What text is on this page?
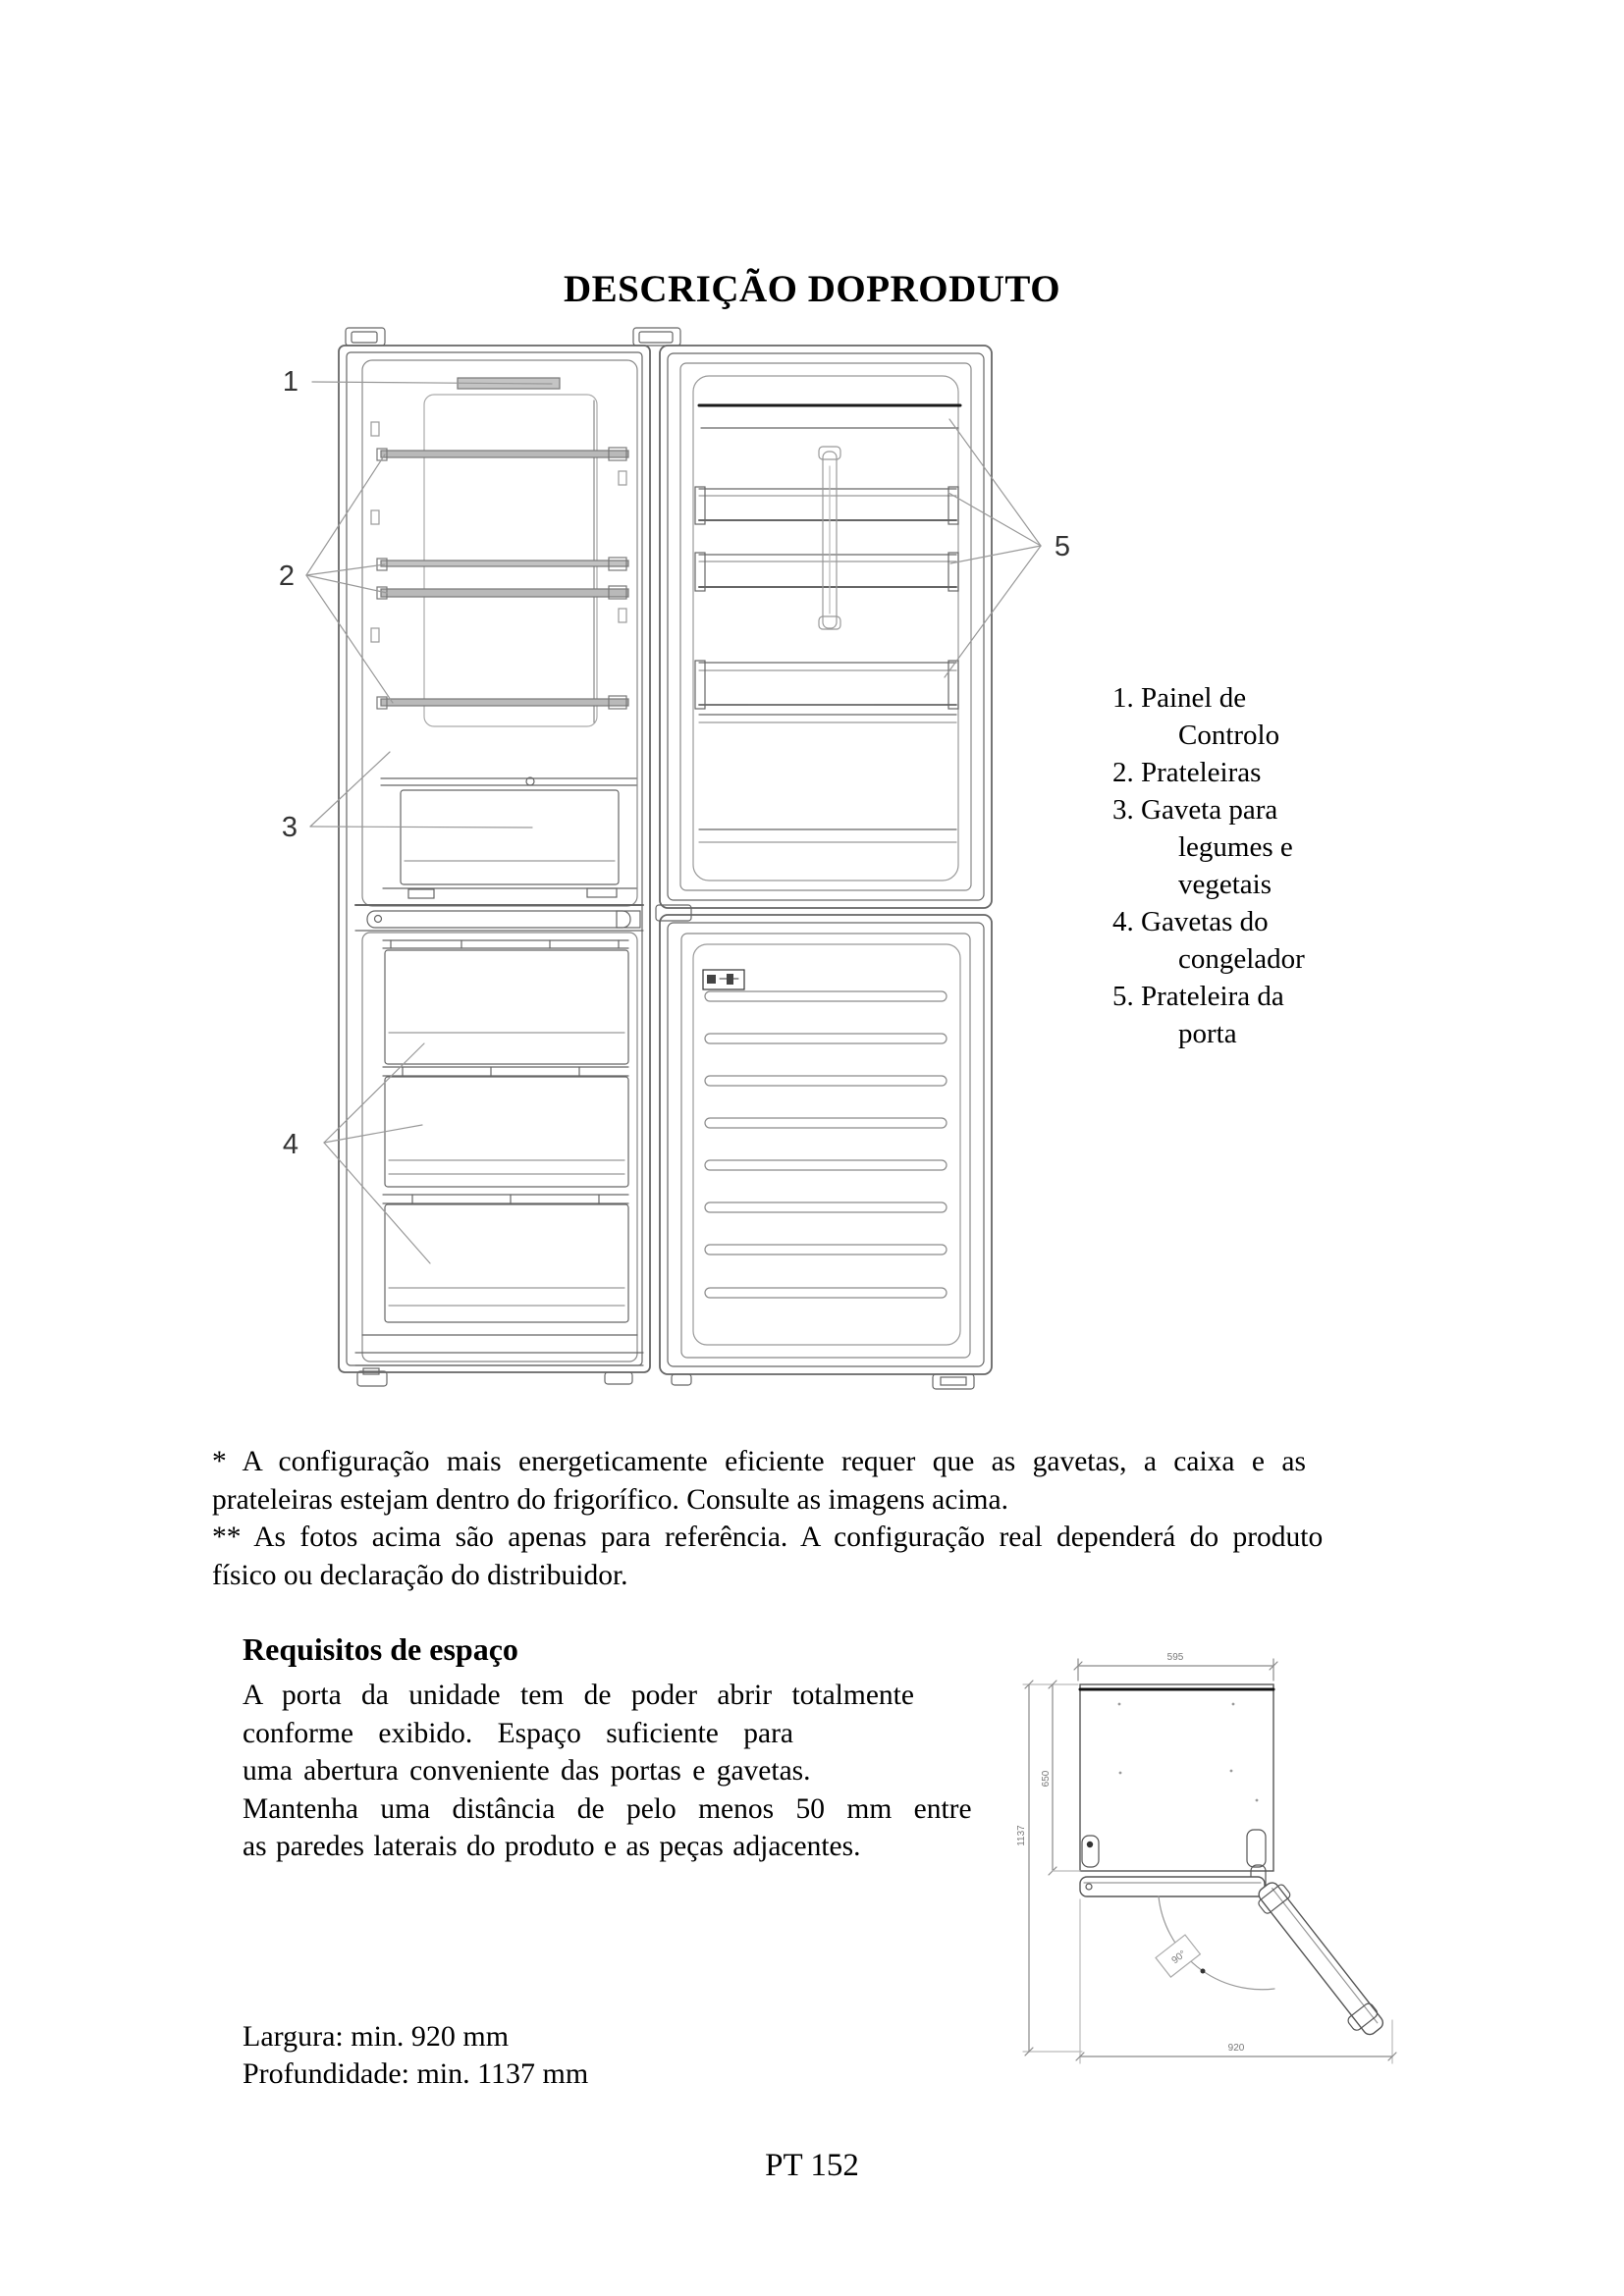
1
2
3
4
5
90°
595
1137
650
920
DESCRIÇÃO DOPRODUTO
1. Painel de
Controlo
2. Prateleiras
3. Gaveta para
legumes e
vegetais
4. Gavetas do
congelador
5. Prateleira da
porta
* A configuração mais energeticamente eficiente requer que as gavetas, a caixa e as
prateleiras estejam dentro do frigorífico. Consulte as imagens acima.
** As fotos acima são apenas para referência. A configuração real dependerá do produto
físico ou declaração do distribuidor.
Requisitos de espaço
A porta da unidade tem de poder abrir totalmente
conforme exibido. Espaço suficiente para
uma abertura conveniente das portas e gavetas.
Mantenha uma distância de pelo menos 50 mm entre
as paredes laterais do produto e as peças adjacentes.
Largura: min. 920 mm
Profundidade: min. 1137 mm
PT 152
